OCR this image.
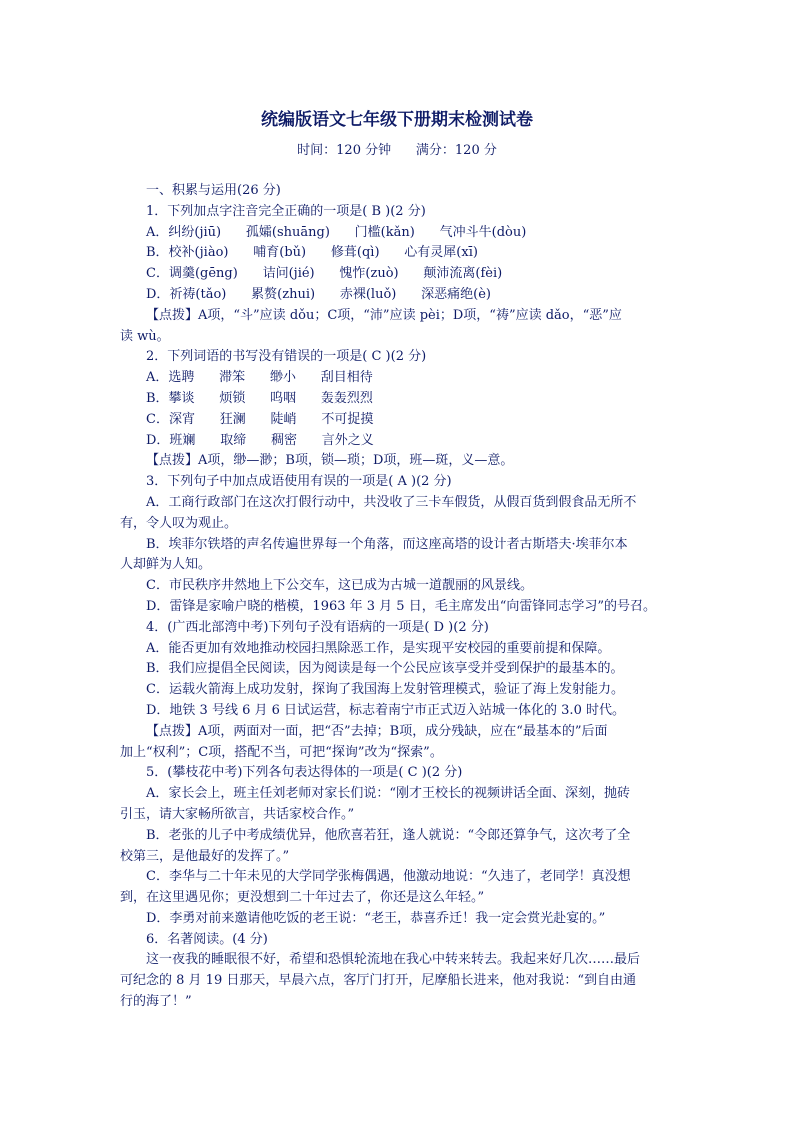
统编版语文七年级下册期末检测试卷
时间：120 分钟      满分：120 分
一、积累与运用(26 分)
1．下列加点字注音完全正确的一项是( B )(2 分)
A．纠纷(jiū)      孤孀(shuāng)      门槛(kǎn)      气冲斗牛(dòu)
B．校补(jiào)      哺育(bǔ)      修葺(qì)      心有灵犀(xī)
C．调羹(gēng)      诘问(jié)      愧怍(zuò)      颠沛流离(fèi)
D．祈祷(tǎo)      累赘(zhui)      赤裸(luǒ)      深恶痛绝(è)
【点拨】A项，“斗”应读 dǒu；C项，“沛”应读 pèi；D项，“祷”应读 dǎo，“恶”应
读 wù。
2．下列词语的书写没有错误的一项是( C )(2 分)
A．选聘      滞笨      缈小      刮目相待
B．攀谈      烦锁      呜咽      轰轰烈烈
C．深宵      狂澜      陡峭      不可捉摸
D．班斓      取缔      稠密      言外之义
【点拨】A项，缈—渺；B项，锁—琐；D项，班—斑，义—意。
3．下列句子中加点成语使用有误的一项是( A )(2 分)
A．工商行政部门在这次打假行动中，共没收了三卡车假货，从假百货到假食品无所不
有，令人叹为观止。
B．埃菲尔铁塔的声名传遍世界每一个角落，而这座高塔的设计者古斯塔夫·埃菲尔本
人却鲜为人知。
C．市民秩序井然地上下公交车，这已成为古城一道靓丽的风景线。
D．雷锋是家喻户晓的楷模，1963 年 3 月 5 日，毛主席发出“向雷锋同志学习”的号召。
4．(广西北部湾中考)下列句子没有语病的一项是( D )(2 分)
A．能否更加有效地推动校园扫黑除恶工作，是实现平安校园的重要前提和保障。
B．我们应提倡全民阅读，因为阅读是每一个公民应该享受并受到保护的最基本的。
C．运载火箭海上成功发射，探询了我国海上发射管理模式，验证了海上发射能力。
D．地铁 3 号线 6 月 6 日试运营，标志着南宁市正式迈入站城一体化的 3.0 时代。
【点拨】A项，两面对一面，把“否”去掉；B项，成分残缺，应在“最基本的”后面
加上“权利”；C项，搭配不当，可把“探询”改为“探索”。
5．(攀枝花中考)下列各句表达得体的一项是( C )(2 分)
A．家长会上，班主任刘老师对家长们说：“刚才王校长的视频讲话全面、深刻，抛砖
引玉，请大家畅所欲言，共话家校合作。”
B．老张的儿子中考成绩优异，他欣喜若狂，逢人就说：“令郎还算争气，这次考了全
校第三，是他最好的发挥了。”
C．李华与二十年未见的大学同学张梅偶遇，他激动地说：“久违了，老同学！真没想
到，在这里遇见你；更没想到二十年过去了，你还是这么年轻。”
D．李勇对前来邀请他吃饭的老王说：“老王，恭喜乔迁！我一定会赏光赴宴的。”
6．名著阅读。(4 分)
这一夜我的睡眠很不好，希望和恐惧轮流地在我心中转来转去。我起来好几次……最后
可纪念的 8 月 19 日那天，早晨六点，客厅门打开，尼摩船长进来，他对我说：“到自由通
行的海了！”
